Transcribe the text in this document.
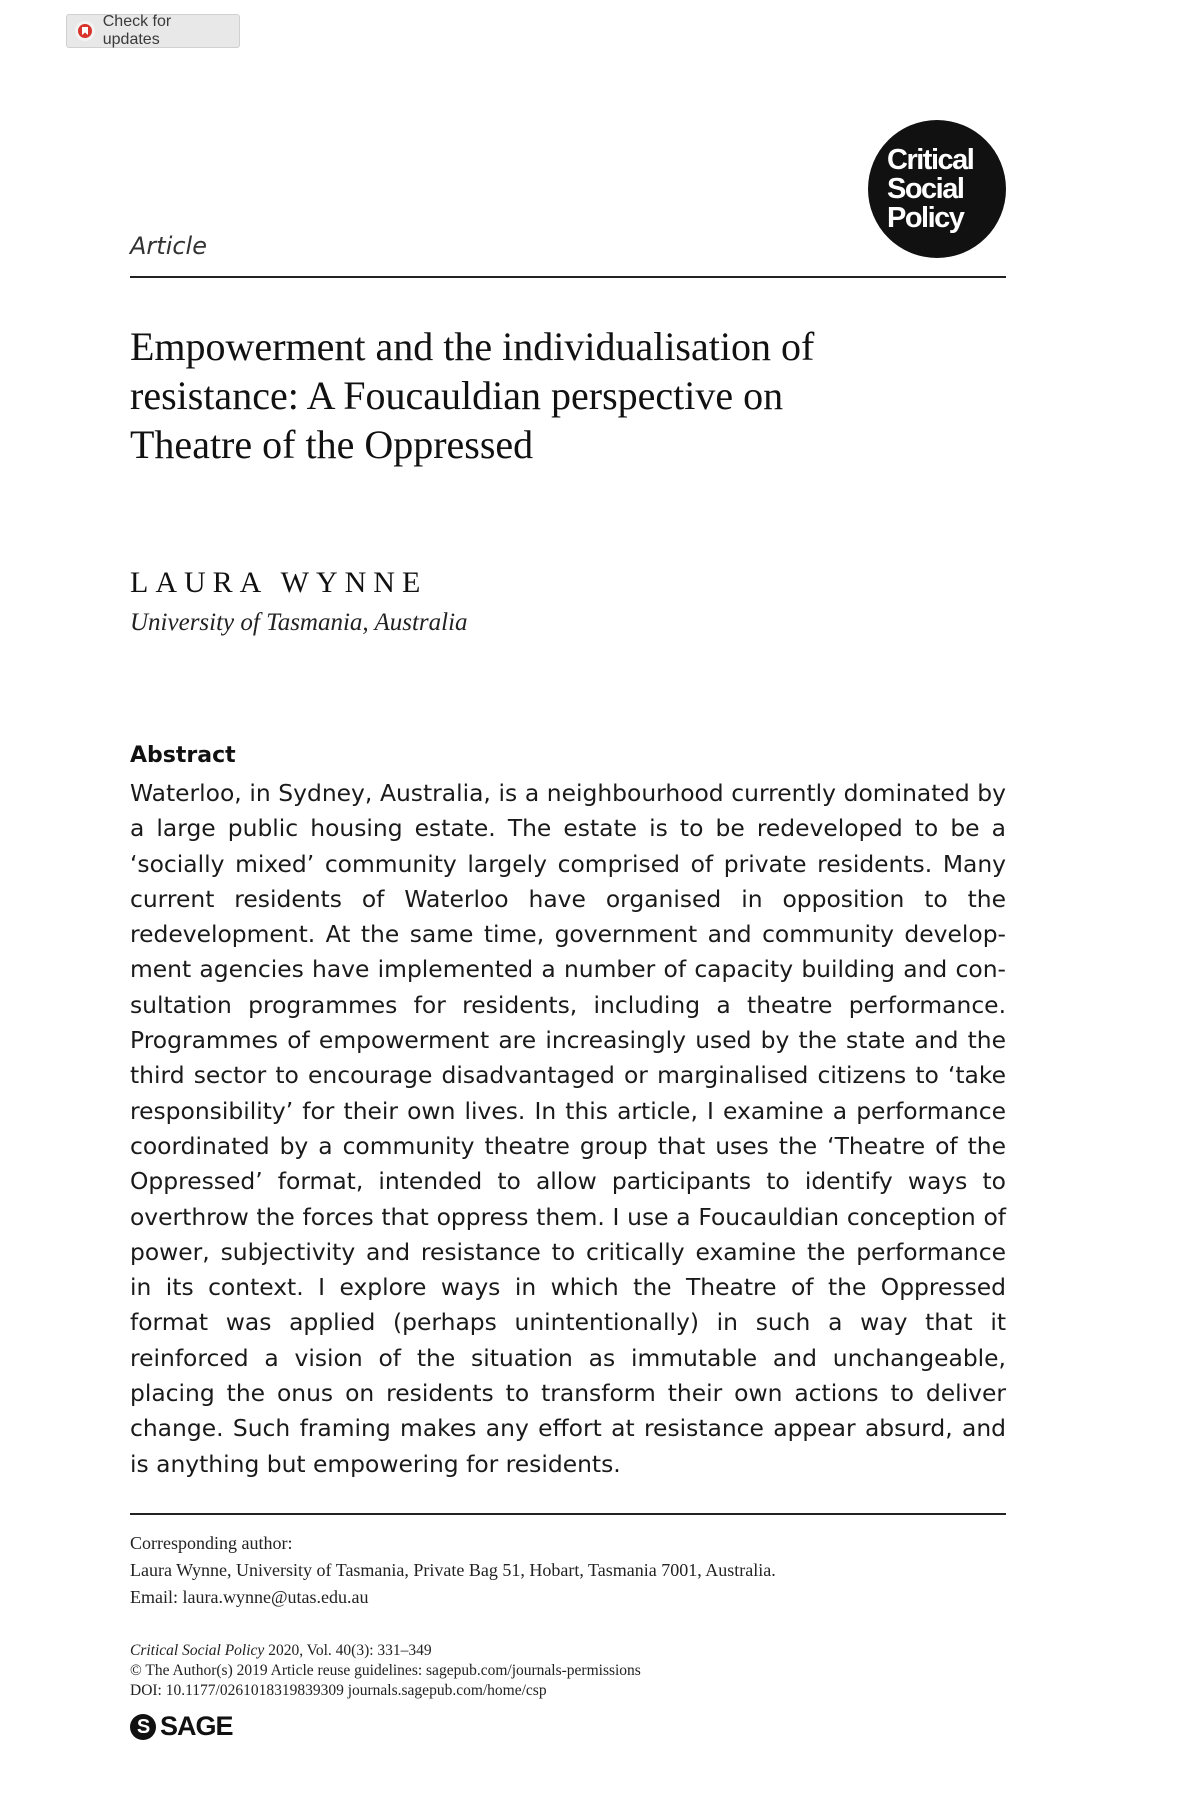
Check for updates
Critical
Social
Policy
Article
Empowerment and the individualisation of resistance: A Foucauldian perspective on Theatre of the Oppressed
LAURA WYNNE
University of Tasmania, Australia
Abstract

Waterloo, in Sydney, Australia, is a neighbourhood currently dominated by a large public housing estate. The estate is to be redeveloped to be a ‘socially mixed’ community largely comprised of private residents. Many current residents of Waterloo have organised in opposition to the redevelopment. At the same time, government and community development agencies have implemented a number of capacity building and consultation programmes for residents, including a theatre performance. Programmes of empowerment are increasingly used by the state and the third sector to encourage disadvantaged or marginalised citizens to ‘take responsibility’ for their own lives. In this article, I examine a performance coordinated by a community theatre group that uses the ‘Theatre of the Oppressed’ format, intended to allow participants to identify ways to overthrow the forces that oppress them. I use a Foucauldian conception of power, subjectivity and resistance to critically examine the performance in its context. I explore ways in which the Theatre of the Oppressed format was applied (perhaps unintentionally) in such a way that it reinforced a vision of the situation as immutable and unchangeable, placing the onus on residents to transform their own actions to deliver change. Such framing makes any effort at resistance appear absurd, and is anything but empowering for residents.

Corresponding author:
Laura Wynne, University of Tasmania, Private Bag 51, Hobart, Tasmania 7001, Australia.
Email: laura.wynne@utas.edu.au
Critical Social Policy 2020, Vol. 40(3): 331–349
© The Author(s) 2019 Article reuse guidelines: sagepub.com/journals-permissions
DOI: 10.1177/0261018319839309 journals.sagepub.com/home/csp
S SAGE
